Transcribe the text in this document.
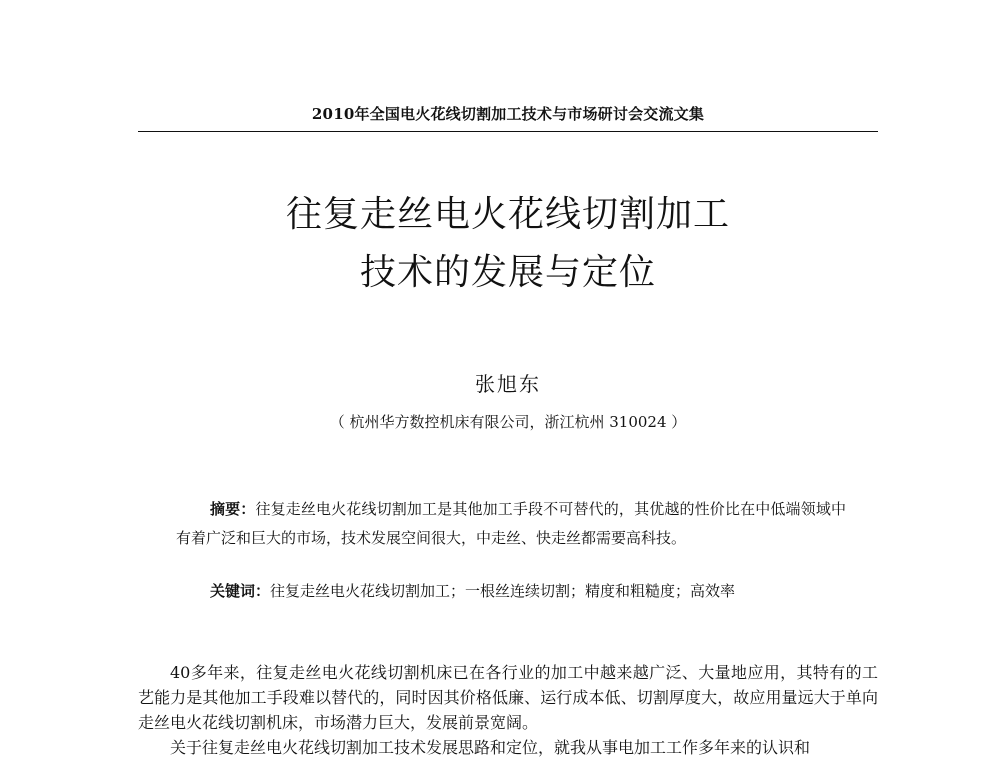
2010年全国电火花线切割加工技术与市场研讨会交流文集
往复走丝电火花线切割加工
技术的发展与定位
张旭东
（ 杭州华方数控机床有限公司，浙江杭州 310024 ）
摘要：往复走丝电火花线切割加工是其他加工手段不可替代的，其优越的性价比在中低端领域中有着广泛和巨大的市场，技术发展空间很大，中走丝、快走丝都需要高科技。
关键词：往复走丝电火花线切割加工；一根丝连续切割；精度和粗糙度；高效率

40多年来，往复走丝电火花线切割机床已在各行业的加工中越来越广泛、大量地应用，其特有的工艺能力是其他加工手段难以替代的，同时因其价格低廉、运行成本低、切割厚度大，故应用量远大于单向走丝电火花线切割机床，市场潜力巨大，发展前景宽阔。

关于往复走丝电火花线切割加工技术发展思路和定位，就我从事电加工工作多年来的认识和
